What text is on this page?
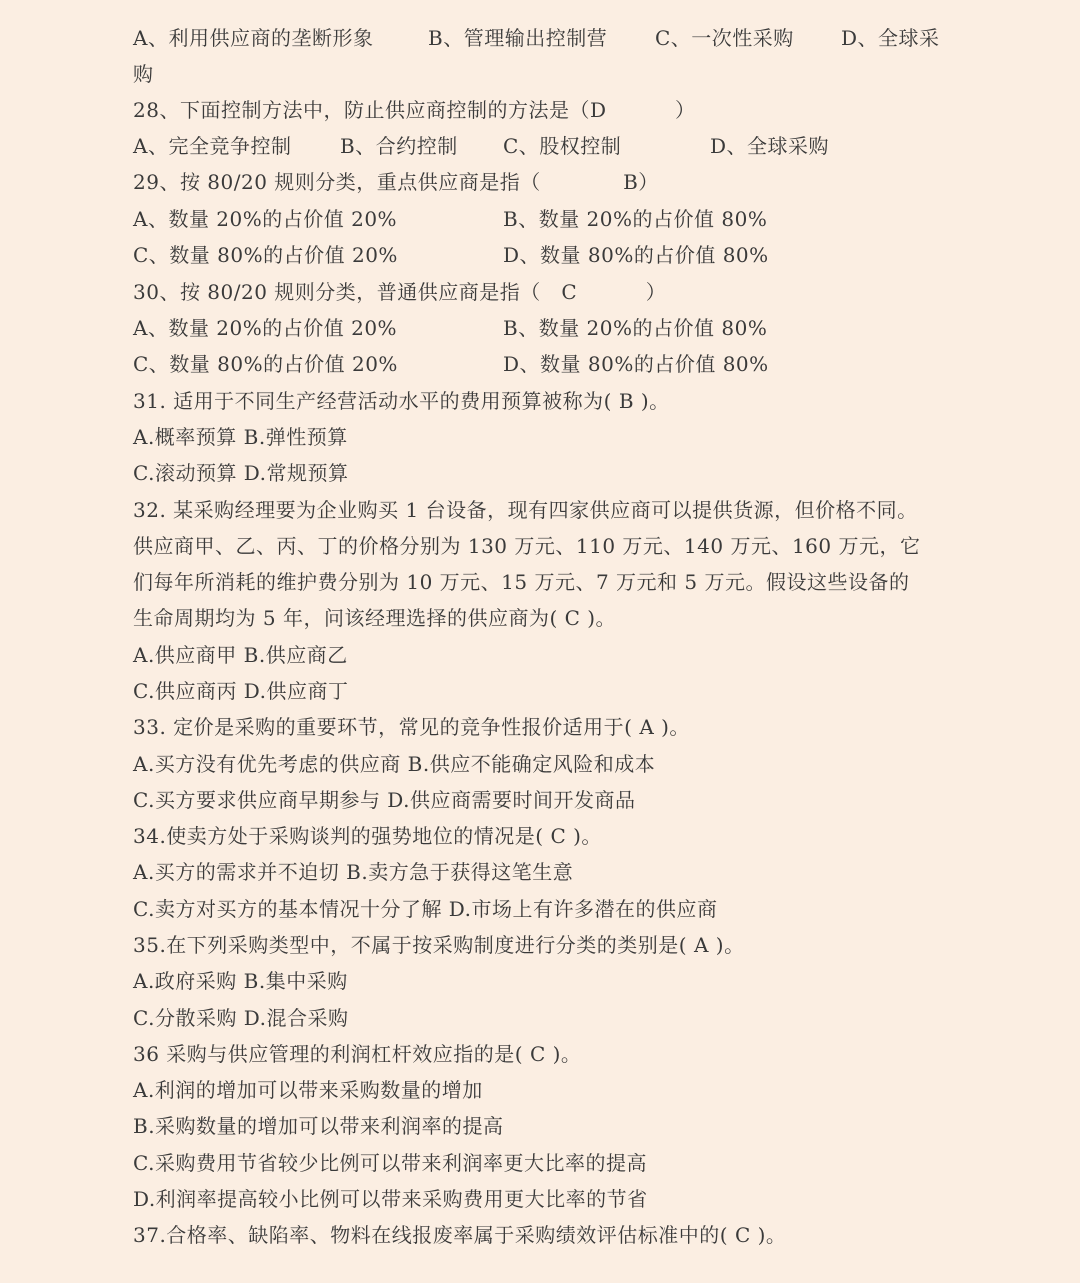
A、利用供应商的垄断形象

	B、管理输出控制营

C、一次性采购

D、全球采

购
28、下面控制方法中，防止供应商控制的方法是（D          ）

A、完全竞争控制

B、合约控制

C、股权控制

	D、全球采购

29、按 80/20 规则分类，重点供应商是指（            B）

A、数量 20%的占价值 20%

	B、数量 20%的占价值 80%

C、数量 80%的占价值 20%

	D、数量 80%的占价值 80%

30、按 80/20 规则分类，普通供应商是指（   C          ）

A、数量 20%的占价值 20%

	B、数量 20%的占价值 80%

C、数量 80%的占价值 20%

	D、数量 80%的占价值 80%

31. 适用于不同生产经营活动水平的费用预算被称为( B )。
A.概率预算 B.弹性预算
C.滚动预算 D.常规预算
32. 某采购经理要为企业购买 1 台设备，现有四家供应商可以提供货源，但价格不同。
供应商甲、乙、丙、丁的价格分别为 130 万元、110 万元、140 万元、160 万元，它
们每年所消耗的维护费分别为 10 万元、15 万元、7 万元和 5 万元。假设这些设备的
生命周期均为 5 年，问该经理选择的供应商为( C )。
A.供应商甲 B.供应商乙
C.供应商丙 D.供应商丁
33. 定价是采购的重要环节，常见的竞争性报价适用于( A )。
A.买方没有优先考虑的供应商 B.供应不能确定风险和成本
C.买方要求供应商早期参与 D.供应商需要时间开发商品
34.使卖方处于采购谈判的强势地位的情况是( C )。
A.买方的需求并不迫切 B.卖方急于获得这笔生意
C.卖方对买方的基本情况十分了解 D.市场上有许多潜在的供应商
35.在下列采购类型中，不属于按采购制度进行分类的类别是( A )。
A.政府采购 B.集中采购
C.分散采购 D.混合采购
36 采购与供应管理的利润杠杆效应指的是( C )。
A.利润的增加可以带来采购数量的增加
B.采购数量的增加可以带来利润率的提高
C.采购费用节省较少比例可以带来利润率更大比率的提高
D.利润率提高较小比例可以带来采购费用更大比率的节省
37.合格率、缺陷率、物料在线报废率属于采购绩效评估标准中的( C )。
